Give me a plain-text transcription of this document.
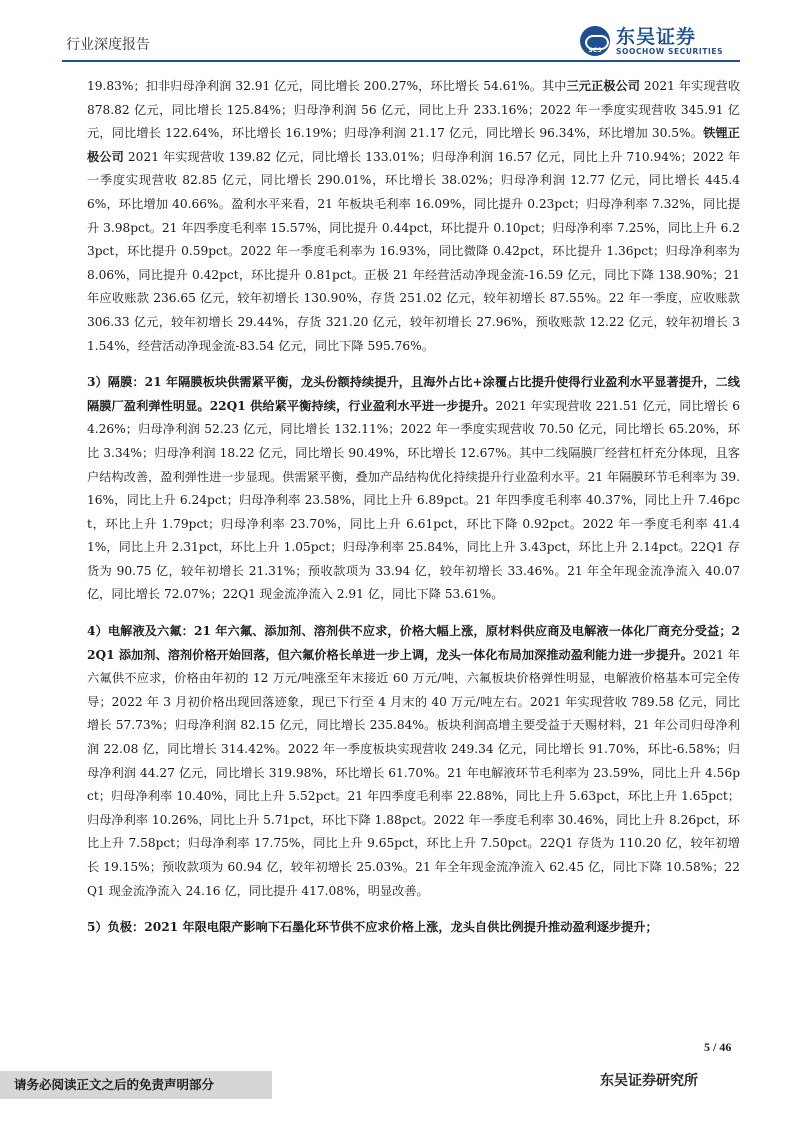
行业深度报告	SCS
东吴证券
SOOCHOW SECURITIES

19.83%；扣非归母净利润 32.91 亿元，同比增长 200.27%，环比增长 54.61%。其中三元正极公司 2021 年实现营收 878.82 亿元，同比增长 125.84%；归母净利润 56 亿元，同比上升 233.16%；2022 年一季度实现营收 345.91 亿元，同比增长 122.64%，环比增长 16.19%；归母净利润 21.17 亿元，同比增长 96.34%，环比增加 30.5%。铁锂正极公司 2021 年实现营收 139.82 亿元，同比增长 133.01%；归母净利润 16.57 亿元，同比上升 710.94%；2022 年一季度实现营收 82.85 亿元，同比增长 290.01%，环比增长 38.02%；归母净利润 12.77 亿元，同比增长 445.46%，环比增加 40.66%。盈利水平来看，21 年板块毛利率 16.09%，同比提升 0.23pct；归母净利率 7.32%，同比提升 3.98pct。21 年四季度毛利率 15.57%，同比提升 0.44pct，环比提升 0.10pct；归母净利率 7.25%，同比上升 6.23pct，环比提升 0.59pct。2022 年一季度毛利率为 16.93%，同比微降 0.42pct，环比提升 1.36pct；归母净利率为 8.06%，同比提升 0.42pct，环比提升 0.81pct。正极 21 年经营活动净现金流-16.59 亿元，同比下降 138.90%；21 年应收账款 236.65 亿元，较年初增长 130.90%，存货 251.02 亿元，较年初增长 87.55%。22 年一季度，应收账款 306.33 亿元，较年初增长 29.44%，存货 321.20 亿元，较年初增长 27.96%，预收账款 12.22 亿元，较年初增长 31.54%，经营活动净现金流-83.54 亿元，同比下降 595.76%。

3）隔膜：21 年隔膜板块供需紧平衡，龙头份额持续提升，且海外占比+涂覆占比提升使得行业盈利水平显著提升，二线隔膜厂盈利弹性明显。22Q1 供给紧平衡持续，行业盈利水平进一步提升。2021 年实现营收 221.51 亿元，同比增长 64.26%；归母净利润 52.23 亿元，同比增长 132.11%；2022 年一季度实现营收 70.50 亿元，同比增长 65.20%，环比 3.34%；归母净利润 18.22 亿元，同比增长 90.49%，环比增长 12.67%。其中二线隔膜厂经营杠杆充分体现，且客户结构改善，盈利弹性进一步显现。供需紧平衡，叠加产品结构优化持续提升行业盈利水平。21 年隔膜环节毛利率为 39.16%，同比上升 6.24pct；归母净利率 23.58%，同比上升 6.89pct。21 年四季度毛利率 40.37%，同比上升 7.46pct，环比上升 1.79pct；归母净利率 23.70%，同比上升 6.61pct，环比下降 0.92pct。2022 年一季度毛利率 41.41%，同比上升 2.31pct，环比上升 1.05pct；归母净利率 25.84%，同比上升 3.43pct，环比上升 2.14pct。22Q1 存货为 90.75 亿，较年初增长 21.31%；预收款项为 33.94 亿，较年初增长 33.46%。21 年全年现金流净流入 40.07 亿，同比增长 72.07%；22Q1 现金流净流入 2.91 亿，同比下降 53.61%。

4）电解液及六氟：21 年六氟、添加剂、溶剂供不应求，价格大幅上涨，原材料供应商及电解液一体化厂商充分受益；22Q1 添加剂、溶剂价格开始回落，但六氟价格长单进一步上调，龙头一体化布局加深推动盈利能力进一步提升。2021 年六氟供不应求，价格由年初的 12 万元/吨涨至年末接近 60 万元/吨，六氟板块价格弹性明显，电解液价格基本可完全传导；2022 年 3 月初价格出现回落迹象，现已下行至 4 月末的 40 万元/吨左右。2021 年实现营收 789.58 亿元，同比增长 57.73%；归母净利润 82.15 亿元，同比增长 235.84%。板块利润高增主要受益于天赐材料，21 年公司归母净利润 22.08 亿，同比增长 314.42%。2022 年一季度板块实现营收 249.34 亿元，同比增长 91.70%，环比-6.58%；归母净利润 44.27 亿元，同比增长 319.98%，环比增长 61.70%。21 年电解液环节毛利率为 23.59%，同比上升 4.56pct；归母净利率 10.40%，同比上升 5.52pct。21 年四季度毛利率 22.88%，同比上升 5.63pct，环比上升 1.65pct；归母净利率 10.26%，同比上升 5.71pct，环比下降 1.88pct。2022 年一季度毛利率 30.46%，同比上升 8.26pct，环比上升 7.58pct；归母净利率 17.75%，同比上升 9.65pct，环比上升 7.50pct。22Q1 存货为 110.20 亿，较年初增长 19.15%；预收款项为 60.94 亿，较年初增长 25.03%。21 年全年现金流净流入 62.45 亿，同比下降 10.58%；22Q1 现金流净流入 24.16 亿，同比提升 417.08%，明显改善。

5）负极：2021 年限电限产影响下石墨化环节供不应求价格上涨，龙头自供比例提升推动盈利逐步提升；

5 / 46
请务必阅读正文之后的免责声明部分	东吴证券研究所
